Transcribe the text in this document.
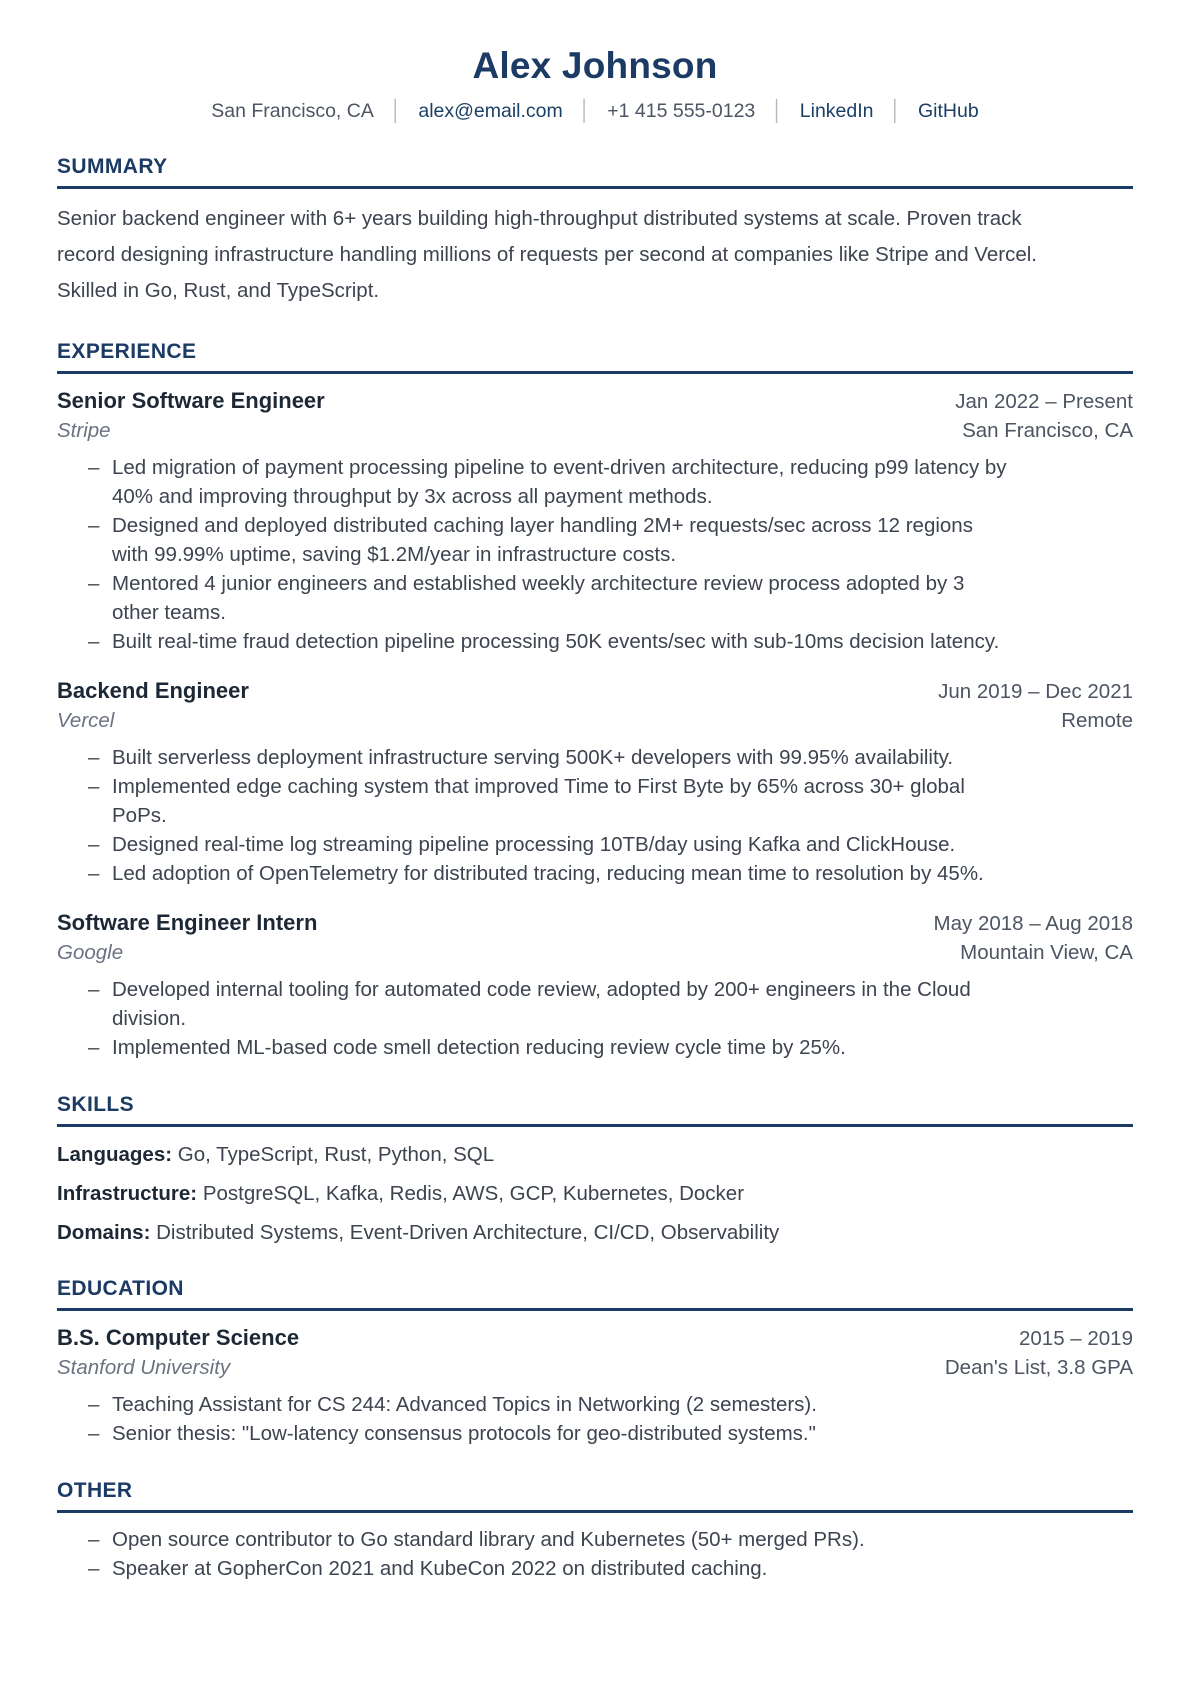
Alex Johnson
San Francisco, CA │ alex@email.com │ +1 415 555-0123 │ LinkedIn │ GitHub
SUMMARY

Senior backend engineer with 6+ years building high-throughput distributed systems at scale. Proven track record designing infrastructure handling millions of requests per second at companies like Stripe and Vercel. Skilled in Go, Rust, and TypeScript.

EXPERIENCE
Senior Software Engineer	Jan 2022 – Present
Stripe	San Francisco, CA
– Led migration of payment processing pipeline to event-driven architecture, reducing p99 latency by 40% and improving throughput by 3x across all payment methods.
– Designed and deployed distributed caching layer handling 2M+ requests/sec across 12 regions with 99.99% uptime, saving $1.2M/year in infrastructure costs.
– Mentored 4 junior engineers and established weekly architecture review process adopted by 3 other teams.
– Built real-time fraud detection pipeline processing 50K events/sec with sub-10ms decision latency.
Backend Engineer	Jun 2019 – Dec 2021
Vercel	Remote
– Built serverless deployment infrastructure serving 500K+ developers with 99.95% availability.
– Implemented edge caching system that improved Time to First Byte by 65% across 30+ global PoPs.
– Designed real-time log streaming pipeline processing 10TB/day using Kafka and ClickHouse.
– Led adoption of OpenTelemetry for distributed tracing, reducing mean time to resolution by 45%.
Software Engineer Intern	May 2018 – Aug 2018
Google	Mountain View, CA
– Developed internal tooling for automated code review, adopted by 200+ engineers in the Cloud division.
– Implemented ML-based code smell detection reducing review cycle time by 25%.
SKILLS

Languages: Go, TypeScript, Rust, Python, SQL

Infrastructure: PostgreSQL, Kafka, Redis, AWS, GCP, Kubernetes, Docker

Domains: Distributed Systems, Event-Driven Architecture, CI/CD, Observability

EDUCATION
B.S. Computer Science	2015 – 2019
Stanford University	Dean's List, 3.8 GPA
– Teaching Assistant for CS 244: Advanced Topics in Networking (2 semesters).
– Senior thesis: "Low-latency consensus protocols for geo-distributed systems."
OTHER
– Open source contributor to Go standard library and Kubernetes (50+ merged PRs).
– Speaker at GopherCon 2021 and KubeCon 2022 on distributed caching.
